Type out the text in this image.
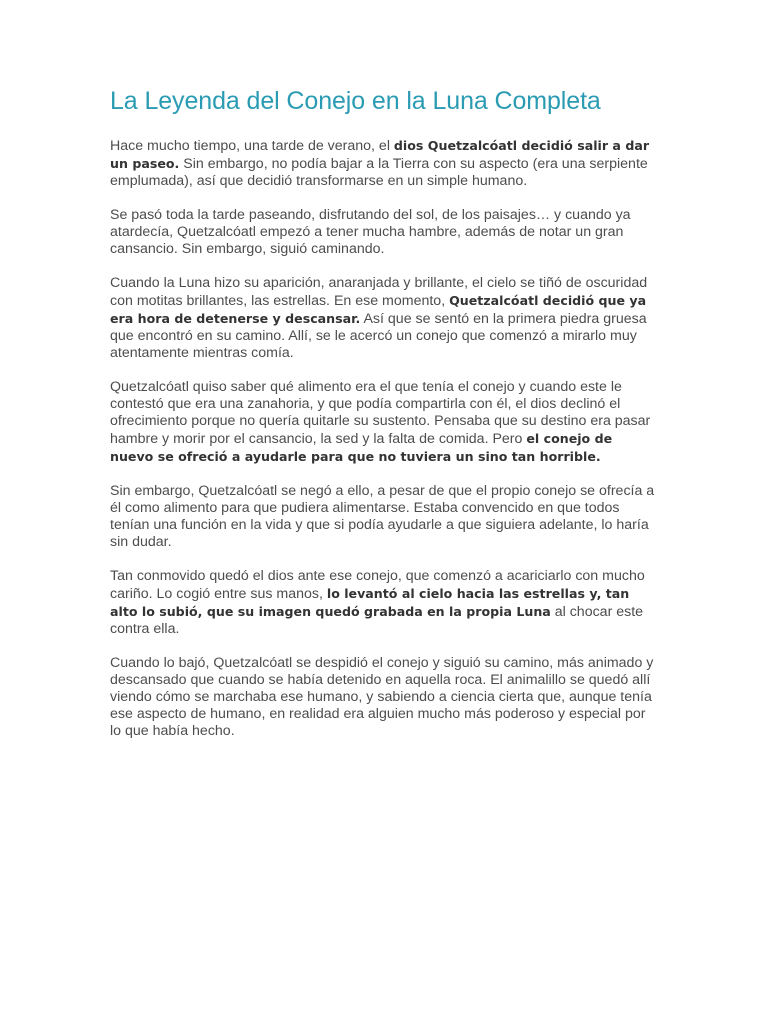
La Leyenda del Conejo en la Luna Completa

Hace mucho tiempo, una tarde de verano, el dios Quetzalcóatl decidió salir a dar un paseo. Sin embargo, no podía bajar a la Tierra con su aspecto (era una serpiente emplumada), así que decidió transformarse en un simple humano.

Se pasó toda la tarde paseando, disfrutando del sol, de los paisajes… y cuando ya atardecía, Quetzalcóatl empezó a tener mucha hambre, además de notar un gran cansancio. Sin embargo, siguió caminando.

Cuando la Luna hizo su aparición, anaranjada y brillante, el cielo se tiñó de oscuridad con motitas brillantes, las estrellas. En ese momento, Quetzalcóatl decidió que ya era hora de detenerse y descansar. Así que se sentó en la primera piedra gruesa que encontró en su camino. Allí, se le acercó un conejo que comenzó a mirarlo muy atentamente mientras comía.

Quetzalcóatl quiso saber qué alimento era el que tenía el conejo y cuando este le contestó que era una zanahoria, y que podía compartirla con él, el dios declinó el ofrecimiento porque no quería quitarle su sustento. Pensaba que su destino era pasar hambre y morir por el cansancio, la sed y la falta de comida. Pero el conejo de nuevo se ofreció a ayudarle para que no tuviera un sino tan horrible.

Sin embargo, Quetzalcóatl se negó a ello, a pesar de que el propio conejo se ofrecía a él como alimento para que pudiera alimentarse. Estaba convencido en que todos tenían una función en la vida y que si podía ayudarle a que siguiera adelante, lo haría sin dudar.

Tan conmovido quedó el dios ante ese conejo, que comenzó a acariciarlo con mucho cariño. Lo cogió entre sus manos, lo levantó al cielo hacia las estrellas y, tan alto lo subió, que su imagen quedó grabada en la propia Luna al chocar este contra ella.

Cuando lo bajó, Quetzalcóatl se despidió el conejo y siguió su camino, más animado y descansado que cuando se había detenido en aquella roca. El animalillo se quedó allí viendo cómo se marchaba ese humano, y sabiendo a ciencia cierta que, aunque tenía ese aspecto de humano, en realidad era alguien mucho más poderoso y especial por lo que había hecho.
